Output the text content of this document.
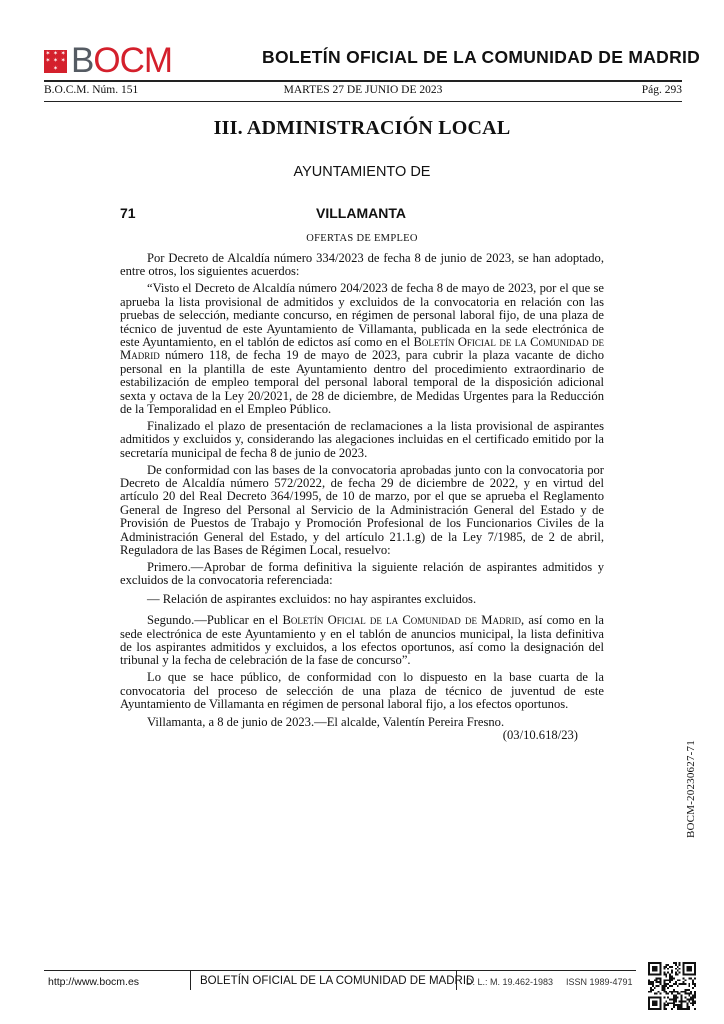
✶ ✶ ✶
✶ ✶ ✶
✶ BOCM	BOLETÍN OFICIAL DE LA COMUNIDAD DE MADRID
B.O.C.M. Núm. 151	MARTES 27 DE JUNIO DE 2023	Pág. 293
III. ADMINISTRACIÓN LOCAL
AYUNTAMIENTO DE
71	VILLAMANTA
OFERTAS DE EMPLEO

Por Decreto de Alcaldía número 334/2023 de fecha 8 de junio de 2023, se han adoptado, entre otros, los siguientes acuerdos:

“Visto el Decreto de Alcaldía número 204/2023 de fecha 8 de mayo de 2023, por el que se aprueba la lista provisional de admitidos y excluidos de la convocatoria en relación con las pruebas de selección, mediante concurso, en régimen de personal laboral fijo, de una plaza de técnico de juventud de este Ayuntamiento de Villamanta, publicada en la sede electrónica de este Ayuntamiento, en el tablón de edictos así como en el Boletín Oficial de la Comunidad de Madrid número 118, de fecha 19 de mayo de 2023, para cubrir la plaza vacante de dicho personal en la plantilla de este Ayuntamiento dentro del procedimiento extraordinario de estabilización de empleo temporal del personal laboral temporal de la disposición adicional sexta y octava de la Ley 20/2021, de 28 de diciembre, de Medidas Urgentes para la Reducción de la Temporalidad en el Empleo Público.

Finalizado el plazo de presentación de reclamaciones a la lista provisional de aspirantes admitidos y excluidos y, considerando las alegaciones incluidas en el certificado emitido por la secretaría municipal de fecha 8 de junio de 2023.

De conformidad con las bases de la convocatoria aprobadas junto con la convocatoria por Decreto de Alcaldía número 572/2022, de fecha 29 de diciembre de 2022, y en virtud del artículo 20 del Real Decreto 364/1995, de 10 de marzo, por el que se aprueba el Reglamento General de Ingreso del Personal al Servicio de la Administración General del Estado y de Provisión de Puestos de Trabajo y Promoción Profesional de los Funcionarios Civiles de la Administración General del Estado, y del artículo 21.1.g) de la Ley 7/1985, de 2 de abril, Reguladora de las Bases de Régimen Local, resuelvo:

Primero.—Aprobar de forma definitiva la siguiente relación de aspirantes admitidos y excluidos de la convocatoria referenciada:

— Relación de aspirantes excluidos: no hay aspirantes excluidos.

Segundo.—Publicar en el Boletín Oficial de la Comunidad de Madrid, así como en la sede electrónica de este Ayuntamiento y en el tablón de anuncios municipal, la lista definitiva de los aspirantes admitidos y excluidos, a los efectos oportunos, así como la designación del tribunal y la fecha de celebración de la fase de concurso”.

Lo que se hace público, de conformidad con lo dispuesto en la base cuarta de la convocatoria del proceso de selección de una plaza de técnico de juventud de este Ayuntamiento de Villamanta en régimen de personal laboral fijo, a los efectos oportunos.

Villamanta, a 8 de junio de 2023.—El alcalde, Valentín Pereira Fresno.

(03/10.618/23)

BOCM-20230627-71
http://www.bocm.es	BOLETÍN OFICIAL DE LA COMUNIDAD DE MADRID
D. L.: M. 19.462-1983 ISSN 1989-4791
